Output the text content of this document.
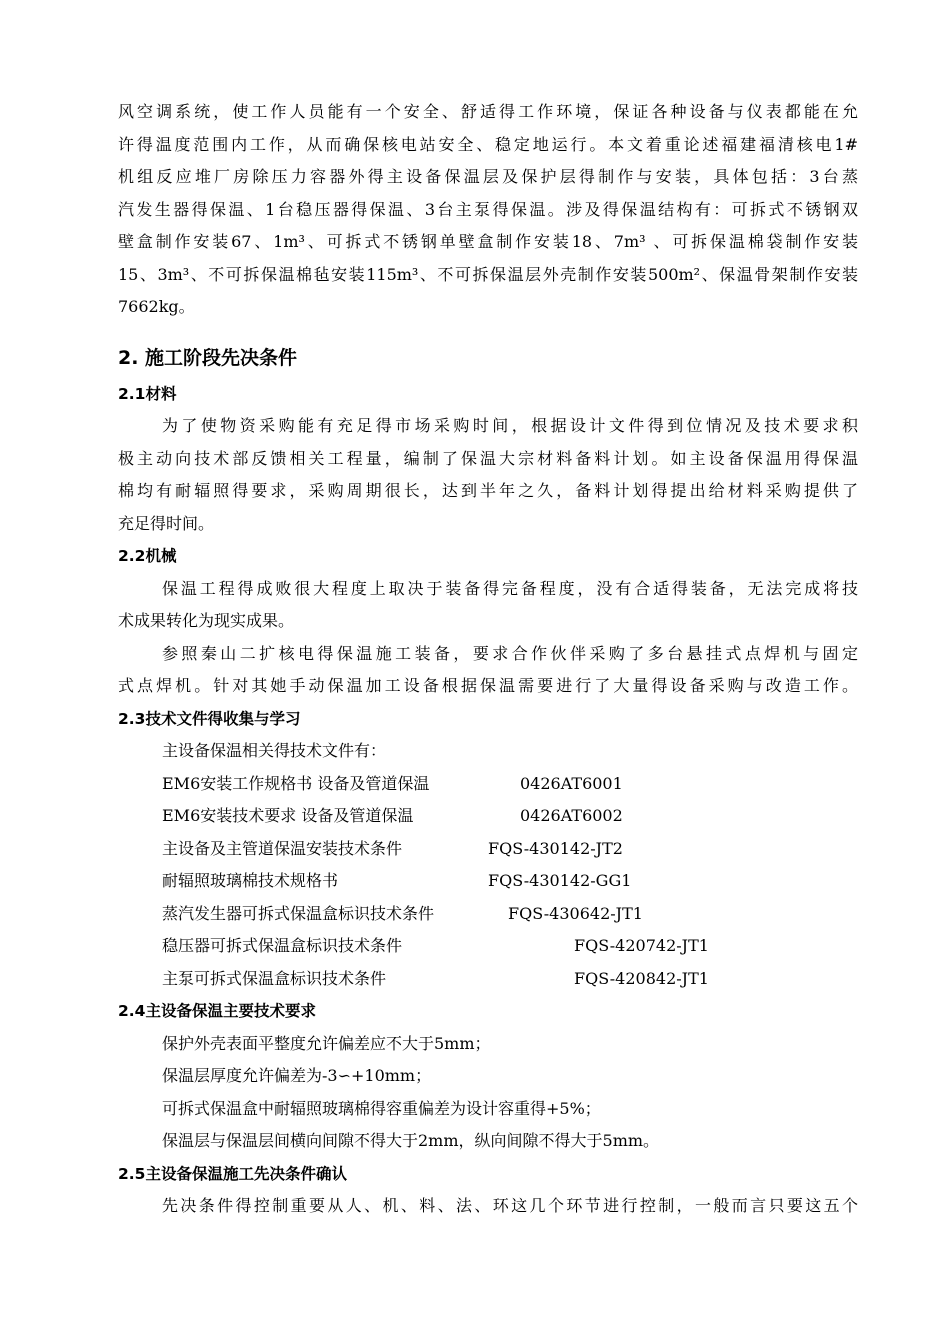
风空调系统，使工作人员能有一个安全、舒适得工作环境，保证各种设备与仪表都能在允

许得温度范围内工作，从而确保核电站安全、稳定地运行。本文着重论述福建福清核电1#

机组反应堆厂房除压力容器外得主设备保温层及保护层得制作与安装，具体包括：3台蒸

汽发生器得保温、1台稳压器得保温、3台主泵得保温。涉及得保温结构有：可拆式不锈钢双

壁盒制作安装67、1m³、可拆式不锈钢单壁盒制作安装18、7m³ 、可拆保温棉袋制作安装

15、3m³、不可拆保温棉毡安装115m³、不可拆保温层外壳制作安装500m²、保温骨架制作安装

7662kg。

2. 施工阶段先决条件
2.1材料

为了使物资采购能有充足得市场采购时间，根据设计文件得到位情况及技术要求积

极主动向技术部反馈相关工程量，编制了保温大宗材料备料计划。如主设备保温用得保温

棉均有耐辐照得要求，采购周期很长，达到半年之久，备料计划得提出给材料采购提供了

充足得时间。

2.2机械

保温工程得成败很大程度上取决于装备得完备程度，没有合适得装备，无法完成将技

术成果转化为现实成果。

参照秦山二扩核电得保温施工装备，要求合作伙伴采购了多台悬挂式点焊机与固定

式点焊机。针对其她手动保温加工设备根据保温需要进行了大量得设备采购与改造工作。

2.3技术文件得收集与学习
主设备保温相关得技术文件有：
EM6安装工作规格书 设备及管道保温	0426AT6001
EM6安装技术要求 设备及管道保温	0426AT6002
主设备及主管道保温安装技术条件	FQS-430142-JT2
耐辐照玻璃棉技术规格书	FQS-430142-GG1
蒸汽发生器可拆式保温盒标识技术条件	FQS-430642-JT1
稳压器可拆式保温盒标识技术条件	FQS-420742-JT1
主泵可拆式保温盒标识技术条件	FQS-420842-JT1
2.4主设备保温主要技术要求
保护外壳表面平整度允许偏差应不大于5mm；
保温层厚度允许偏差为-3∽+10mm；
可拆式保温盒中耐辐照玻璃棉得容重偏差为设计容重得+5%；
保温层与保温层间横向间隙不得大于2mm，纵向间隙不得大于5mm。
2.5主设备保温施工先决条件确认

先决条件得控制重要从人、机、料、法、环这几个环节进行控制，一般而言只要这五个
